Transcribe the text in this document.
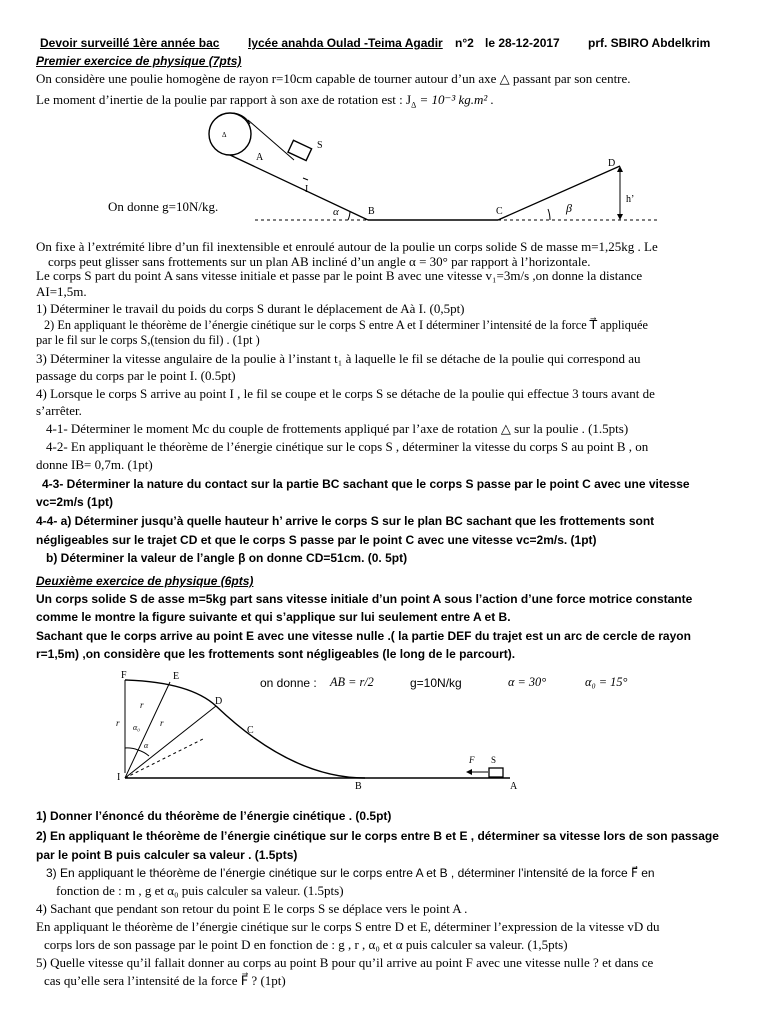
Devoir surveillé 1ère année bac lycée anahda Oulad -Teima Agadir n°2 le 28-12-2017 prf. SBIRO Abdelkrim
Premier exercice de physique (7pts)
On considère une poulie homogène de rayon r=10cm capable de tourner autour d’un axe △ passant par son centre.
Le moment d’inertie de la poulie par rapport à son axe de rotation est : $J_\Delta = 10^{-3}$ kg.m² .
Δ
S
A
I
α	B	C
D
h’
β
On donne g=10N/kg.
On fixe à l’extrémité libre d’un fil inextensible et enroulé autour de la poulie un corps solide S de masse m=1,25kg . Le
corps peut glisser sans frottements sur un plan AB incliné d’un angle α = 30° par rapport à l’horizontale.
Le corps S part du point A sans vitesse initiale et passe par le point B avec une vitesse v₁=3m/s ,on donne la distance
AI=1,5m.
1) Déterminer le travail du poids du corps S durant le déplacement de Aà I. (0,5pt)
2) En appliquant le théorème de l’énergie cinétique sur le corps S entre A et I déterminer l’intensité de la force T⃗ appliquée
par le fil sur le corps S,(tension du fil) . (1pt )
3) Déterminer la vitesse angulaire de la poulie à l’instant t₁ à laquelle le fil se détache de la poulie qui correspond au
passage du corps par le point I. (0.5pt)
4) Lorsque le corps S arrive au point I , le fil se coupe et le corps S se détache de la poulie qui effectue 3 tours avant de
s’arrêter.
4-1- Déterminer le moment Mc du couple de frottements appliqué par l’axe de rotation △ sur la poulie . (1.5pts)
4-2- En appliquant le théorème de l’énergie cinétique sur le cops S , déterminer la vitesse du corps S au point B , on
donne IB= 0,7m. (1pt)
4-3- Déterminer la nature du contact sur la partie BC sachant que le corps S passe par le point C avec une vitesse
vc=2m/s (1pt)
4-4- a) Déterminer jusqu’à quelle hauteur h’ arrive le corps S sur le plan BC sachant que les frottements sont
négligeables sur le trajet CD et que le corps S passe par le point C avec une vitesse vc=2m/s. (1pt)
b) Déterminer la valeur de l’angle β on donne CD=51cm. (0. 5pt)
Deuxième exercice de physique (6pts)
Un corps solide S de asse m=5kg part sans vitesse initiale d’un point A sous l’action d’une force motrice constante
comme le montre la figure suivante et qui s’applique sur lui seulement entre A et B.
Sachant que le corps arrive au point E avec une vitesse nulle .( la partie DEF du trajet est un arc de cercle de rayon
r=1,5m) ,on considère que les frottements sont négligeables (le long de le parcourt).
F	E
D
C
B	A
I
r
r
r
α₀
α
S
F
on donne : AB = r/2	g=10N/kg	α = 30°	α₀ = 15°
1) Donner l’énoncé du théorème de l’énergie cinétique . (0.5pt)
2) En appliquant le théorème de l’énergie cinétique sur le corps entre B et E , déterminer sa vitesse lors de son passage
par le point B puis calculer sa valeur . (1.5pts)
3) En appliquant le théorème de l’énergie cinétique sur le corps entre A et B , déterminer l’intensité de la force F⃗ en
fonction de : m , g et α₀ puis calculer sa valeur. (1.5pts)
4) Sachant que pendant son retour du point E le corps S se déplace vers le point A .
En appliquant le théorème de l’énergie cinétique sur le corps S entre D et E, déterminer l’expression de la vitesse vD du
corps lors de son passage par le point D en fonction de : g , r , α₀ et α puis calculer sa valeur. (1,5pts)
5) Quelle vitesse qu’il fallait donner au corps au point B pour qu’il arrive au point F avec une vitesse nulle ? et dans ce
cas qu’elle sera l’intensité de la force F⃗ ? (1pt)
